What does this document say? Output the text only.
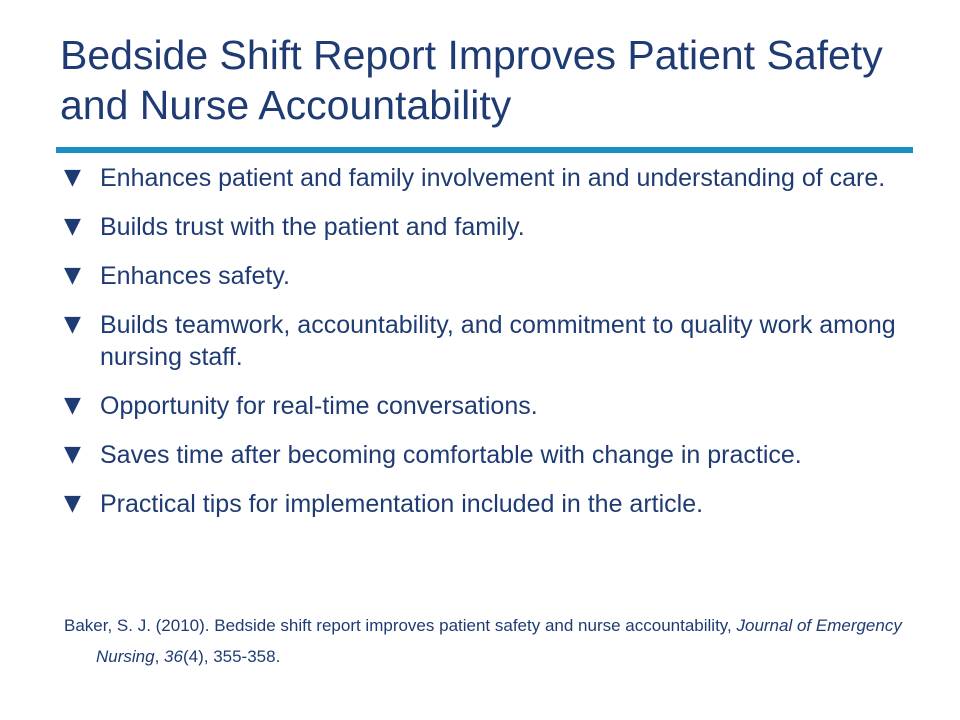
Bedside Shift Report Improves Patient Safety and Nurse Accountability
▼ Enhances patient and family involvement in and understanding of care.
▼ Builds trust with the patient and family.
▼ Enhances safety.
▼ Builds teamwork, accountability, and commitment to quality work among nursing staff.
▼ Opportunity for real-time conversations.
▼ Saves time after becoming comfortable with change in practice.
▼ Practical tips for implementation included in the article.

Baker, S. J. (2010). Bedside shift report improves patient safety and nurse accountability, Journal of Emergency Nursing, 36(4), 355-358.
